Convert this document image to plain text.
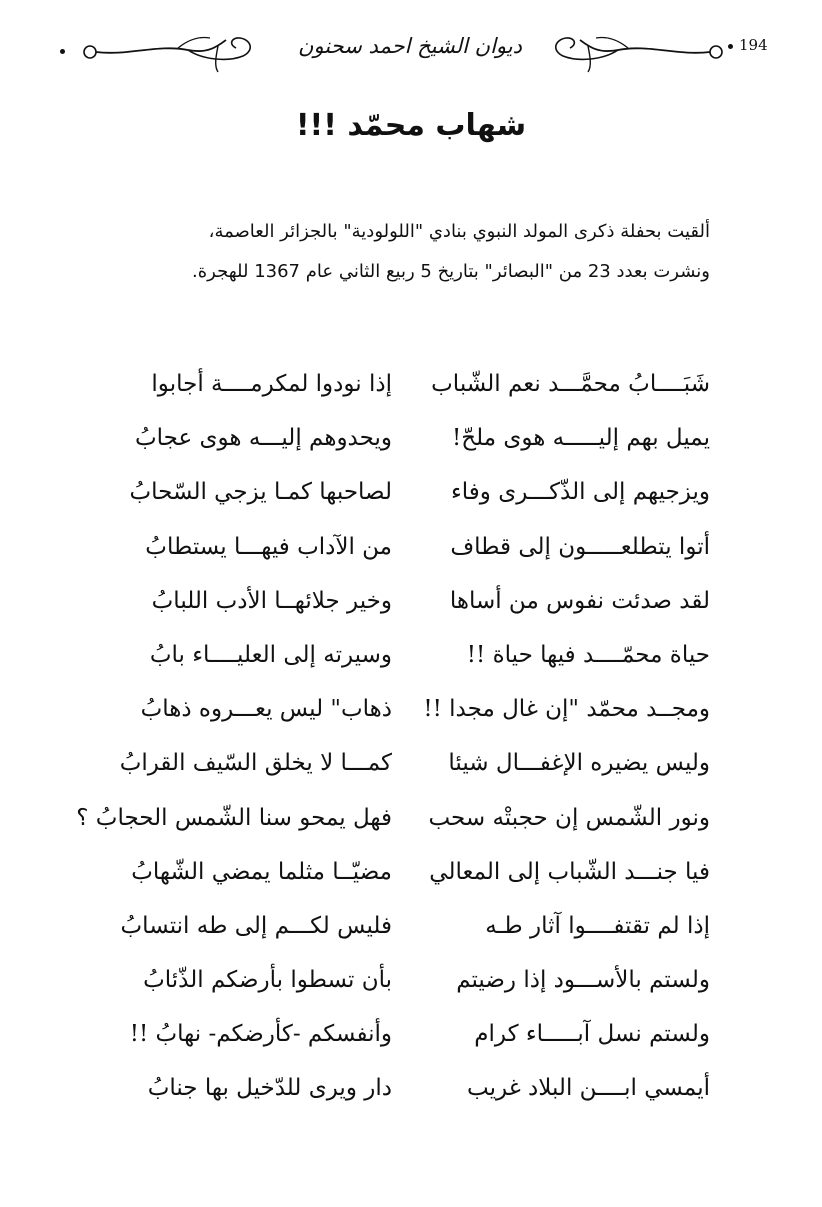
ديوان الشيخ احمد سحنون	194
شهاب محمّد !!!
ألقيت بحفلة ذكرى المولد النبوي بنادي "اللولودية" بالجزائر العاصمة،
ونشرت بعدد 23 من "البصائر" بتاريخ 5 ربيع الثاني عام 1367 للهجرة.
شَبَــــابُ محمَّـــد نعم الشّباب
إذا نودوا لمكرمــــة أجابوا
يميل بهم إليـــــه هوى ملحّ!
ويحدوهم إليـــه هوى عجابُ
ويزجيهم إلى الذّكـــرى وفاء
لصاحبها كمـا يزجي السّحابُ
أتوا يتطلعـــــون إلى قطاف
من الآداب فيهـــا يستطابُ
لقد صدئت نفوس من أساها
وخير جلائهــا الأدب اللبابُ
حياة محمّــــد فيها حياة !!
وسيرته إلى العليــــاء بابُ
ومجــد محمّد "إن غال مجدا !!
ذهاب" ليس يعـــروه ذهابُ
وليس يضيره الإغفـــال شيئا
كمـــا لا يخلق السّيف القرابُ
ونور الشّمس إن حجبتْه سحب
فهل يمحو سنا الشّمس الحجابُ ؟
فيا جنـــد الشّباب إلى المعالي
مضيّــا مثلما يمضي الشّهابُ
إذا لم تقتفــــوا آثار طـه
فليس لكـــم إلى طه انتسابُ
ولستم بالأســـود إذا رضيتم
بأن تسطوا بأرضكم الذّئابُ
ولستم نسل آبـــــاء كرام
وأنفسكم -كأرضكم- نهابُ !!
أيمسي ابــــن البلاد غريب
دار ويرى للدّخيل بها جنابُ
